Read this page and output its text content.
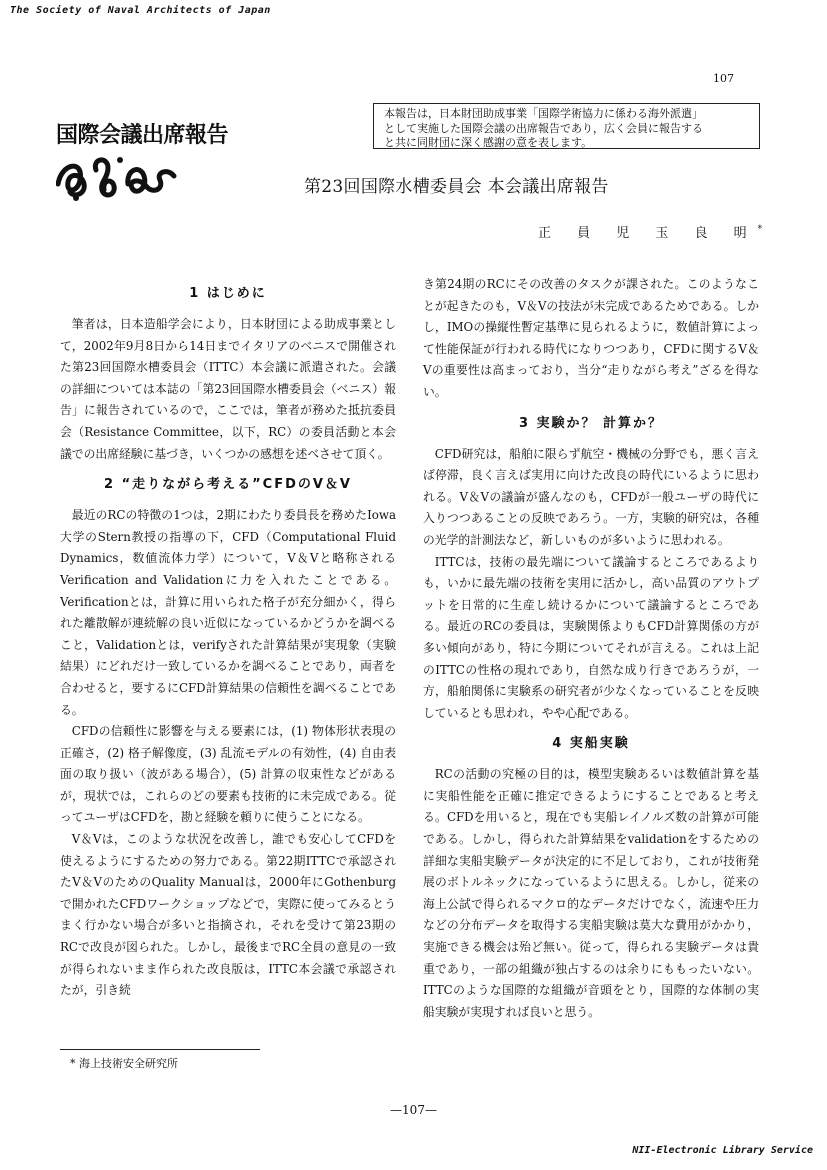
The Society of Naval Architects of Japan
107
本報告は，日本財団助成事業「国際学術協力に係わる海外派遣」
として実施した国際会議の出席報告であり，広く会員に報告する
と共に同財団に深く感謝の意を表します。
国際会議出席報告
第23回国際水槽委員会 本会議出席報告
正 員 児 玉 良 明*
1 はじめに

筆者は，日本造船学会により，日本財団による助成事業として，2002年9月8日から14日までイタリアのベニスで開催された第23回国際水槽委員会（ITTC）本会議に派遣された。会議の詳細については本誌の「第23回国際水槽委員会（ベニス）報告」に報告されているので，ここでは，筆者が務めた抵抗委員会（Resistance Committee，以下，RC）の委員活動と本会議での出席経験に基づき，いくつかの感想を述べさせて頂く。

2 “走りながら考える”CFDのV＆V

最近のRCの特徴の1つは，2期にわたり委員長を務めたIowa大学のStern教授の指導の下，CFD（Computational Fluid Dynamics，数値流体力学）について，V＆Vと略称されるVerification and Validationに力を入れたことである。Verificationとは，計算に用いられた格子が充分細かく，得られた離散解が連続解の良い近似になっているかどうかを調べること，Validationとは，verifyされた計算結果が実現象（実験結果）にどれだけ一致しているかを調べることであり，両者を合わせると，要するにCFD計算結果の信頼性を調べることである。

CFDの信頼性に影響を与える要素には，(1) 物体形状表現の正確さ，(2) 格子解像度，(3) 乱流モデルの有効性，(4) 自由表面の取り扱い（波がある場合），(5) 計算の収束性などがあるが，現状では，これらのどの要素も技術的に未完成である。従ってユーザはCFDを，勘と経験を頼りに使うことになる。

V＆Vは，このような状況を改善し，誰でも安心してCFDを使えるようにするための努力である。第22期ITTCで承認されたV＆VのためのQuality Manualは，2000年にGothenburgで開かれたCFDワークショップなどで，実際に使ってみるとうまく行かない場合が多いと指摘され，それを受けて第23期のRCで改良が図られた。しかし，最後までRC全員の意見の一致が得られないまま作られた改良版は，ITTC本会議で承認されたが，引き続

き第24期のRCにその改善のタスクが課された。このようなことが起きたのも，V＆Vの技法が未完成であるためである。しかし，IMOの操縦性暫定基準に見られるように，数値計算によって性能保証が行われる時代になりつつあり，CFDに関するV＆Vの重要性は高まっており，当分“走りながら考え”ざるを得ない。

3 実験か？ 計算か？

CFD研究は，船舶に限らず航空・機械の分野でも，悪く言えば停滞，良く言えば実用に向けた改良の時代にいるように思われる。V＆Vの議論が盛んなのも，CFDが一般ユーザの時代に入りつつあることの反映であろう。一方，実験的研究は，各種の光学的計測法など，新しいものが多いように思われる。

ITTCは，技術の最先端について議論するところであるよりも，いかに最先端の技術を実用に活かし，高い品質のアウトプットを日常的に生産し続けるかについて議論するところである。最近のRCの委員は，実験関係よりもCFD計算関係の方が多い傾向があり，特に今期についてそれが言える。これは上記のITTCの性格の現れであり，自然な成り行きであろうが，一方，船舶関係に実験系の研究者が少なくなっていることを反映しているとも思われ，やや心配である。

4 実船実験

RCの活動の究極の目的は，模型実験あるいは数値計算を基に実船性能を正確に推定できるようにすることであると考える。CFDを用いると，現在でも実船レイノルズ数の計算が可能である。しかし，得られた計算結果をvalidationをするための詳細な実船実験データが決定的に不足しており，これが技術発展のボトルネックになっているように思える。しかし，従来の海上公試で得られるマクロ的なデータだけでなく，流速や圧力などの分布データを取得する実船実験は莫大な費用がかかり，実施できる機会は殆ど無い。従って，得られる実験データは貴重であり，一部の組織が独占するのは余りにももったいない。ITTCのような国際的な組織が音頭をとり，国際的な体制の実船実験が実現すれば良いと思う。

* 海上技術安全研究所
—107—
NII-Electronic Library Service
